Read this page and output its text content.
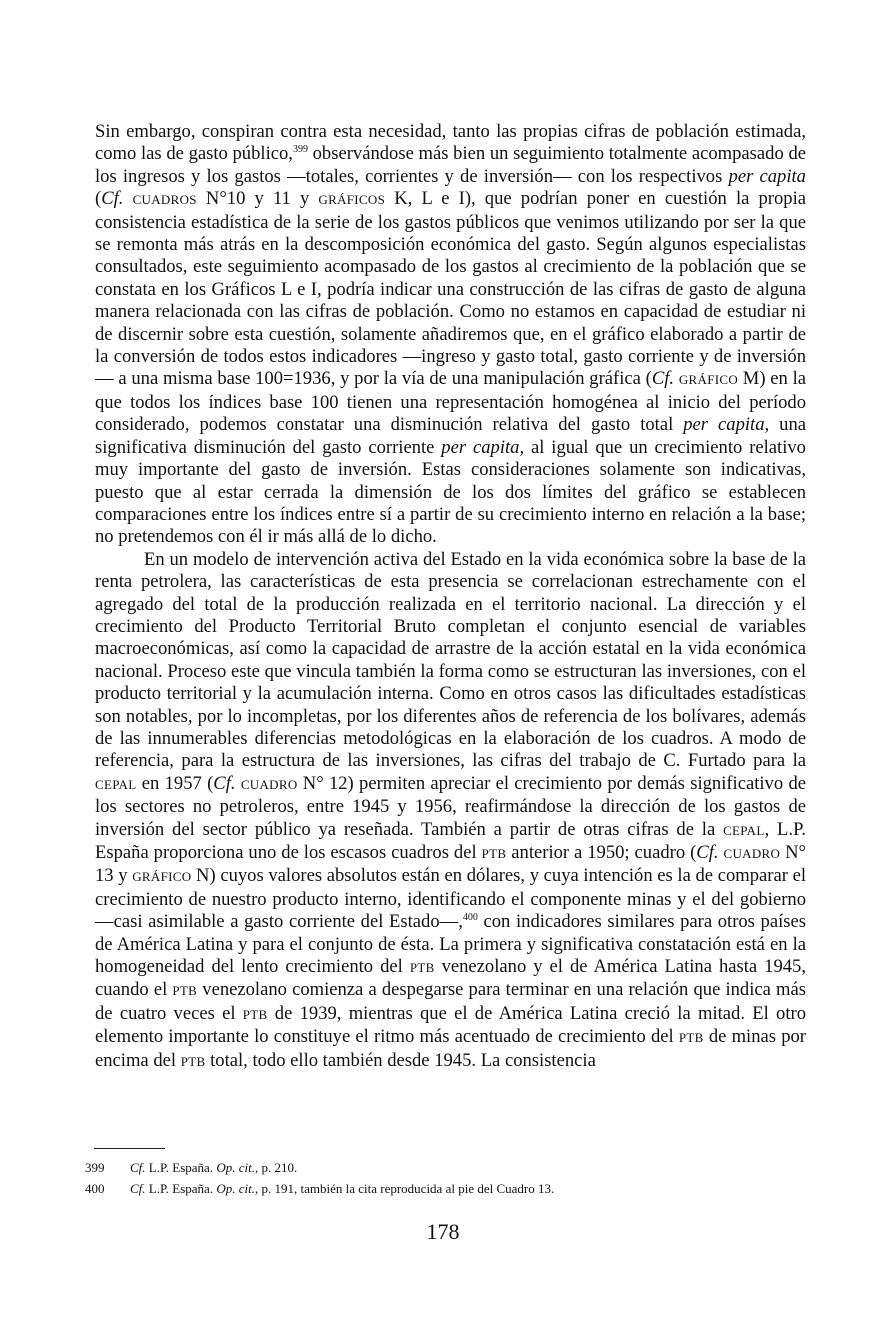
Sin embargo, conspiran contra esta necesidad, tanto las propias cifras de población estimada, como las de gasto público,$^{399}$ observándose más bien un seguimiento totalmente acompasado de los ingresos y los gastos —totales, corrientes y de inversión— con los respectivos per capita (Cf. CUADROS N°10 y 11 y GRÁFICOS K, L e I), que podrían poner en cuestión la propia consistencia estadística de la serie de los gastos públicos que venimos utilizando por ser la que se remonta más atrás en la descomposición económica del gasto. Según algunos especialistas consultados, este seguimiento acompasado de los gastos al crecimiento de la población que se constata en los Gráficos L e I, podría indicar una construcción de las cifras de gasto de alguna manera relacionada con las cifras de población. Como no estamos en capacidad de estudiar ni de discernir sobre esta cuestión, solamente añadiremos que, en el gráfico elaborado a partir de la conversión de todos estos indicadores —ingreso y gasto total, gasto corriente y de inversión— a una misma base 100=1936, y por la vía de una manipulación gráfica (Cf. GRÁFICO M) en la que todos los índices base 100 tienen una representación homogénea al inicio del período considerado, podemos constatar una disminución relativa del gasto total per capita, una significativa disminución del gasto corriente per capita, al igual que un crecimiento relativo muy importante del gasto de inversión. Estas consideraciones solamente son indicativas, puesto que al estar cerrada la dimensión de los dos límites del gráfico se establecen comparaciones entre los índices entre sí a partir de su crecimiento interno en relación a la base; no pretendemos con él ir más allá de lo dicho.

En un modelo de intervención activa del Estado en la vida económica sobre la base de la renta petrolera, las características de esta presencia se correlacionan estrechamente con el agregado del total de la producción realizada en el territorio nacional. La dirección y el crecimiento del Producto Territorial Bruto completan el conjunto esencial de variables macroeconómicas, así como la capacidad de arrastre de la acción estatal en la vida económica nacional. Proceso este que vincula también la forma como se estructuran las inversiones, con el producto territorial y la acumulación interna. Como en otros casos las dificultades estadísticas son notables, por lo incompletas, por los diferentes años de referencia de los bolívares, además de las innumerables diferencias metodológicas en la elaboración de los cuadros. A modo de referencia, para la estructura de las inversiones, las cifras del trabajo de C. Furtado para la CEPAL en 1957 (Cf. CUADRO N° 12) permiten apreciar el crecimiento por demás significativo de los sectores no petroleros, entre 1945 y 1956, reafirmándose la dirección de los gastos de inversión del sector público ya reseñada. También a partir de otras cifras de la CEPAL, L.P. España proporciona uno de los escasos cuadros del PTB anterior a 1950; cuadro (Cf. CUADRO N° 13 y GRÁFICO N) cuyos valores absolutos están en dólares, y cuya intención es la de comparar el crecimiento de nuestro producto interno, identificando el componente minas y el del gobierno —casi asimilable a gasto corriente del Estado—,$^{400}$ con indicadores similares para otros países de América Latina y para el conjunto de ésta. La primera y significativa constatación está en la homogeneidad del lento crecimiento del PTB venezolano y el de América Latina hasta 1945, cuando el PTB venezolano comienza a despegarse para terminar en una relación que indica más de cuatro veces el PTB de 1939, mientras que el de América Latina creció la mitad. El otro elemento importante lo constituye el ritmo más acentuado de crecimiento del PTB de minas por encima del PTB total, todo ello también desde 1945. La consistencia

399	Cf. L.P. España. Op. cit., p. 210.
400	Cf. L.P. España. Op. cit., p. 191, también la cita reproducida al pie del Cuadro 13.
178
